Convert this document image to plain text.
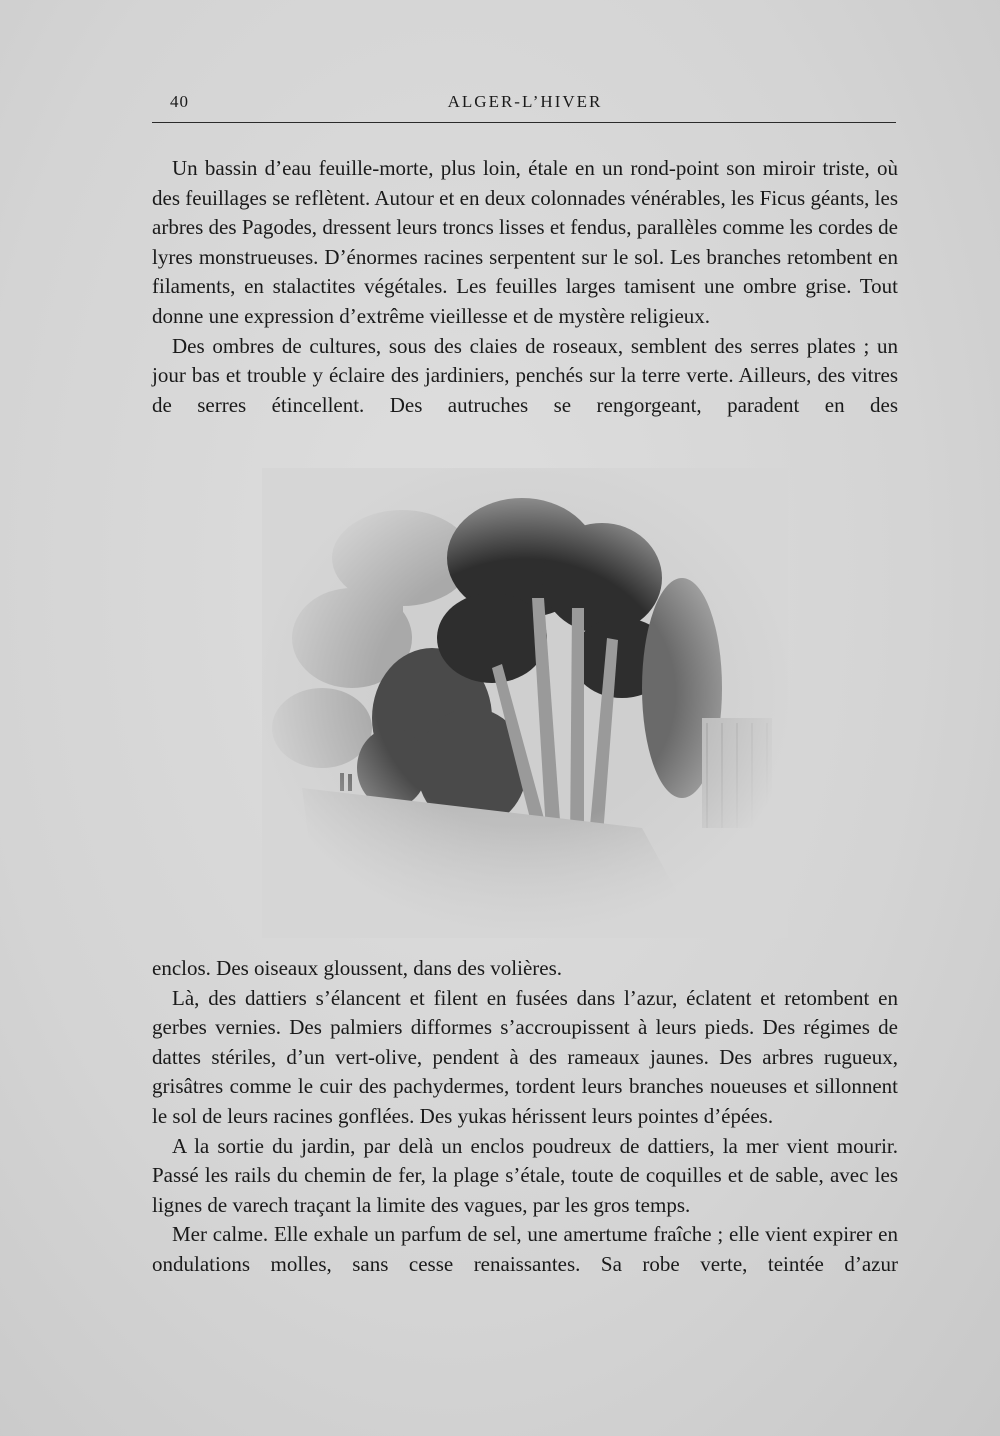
40	ALGER-L’HIVER

Un bassin d’eau feuille-morte, plus loin, étale en un rond-point son miroir triste, où des feuillages se reflètent. Autour et en deux colonnades vénérables, les Ficus géants, les arbres des Pagodes, dressent leurs troncs lisses et fendus, parallèles comme les cordes de lyres monstrueuses. D’énormes racines serpentent sur le sol. Les branches retombent en filaments, en stalactites végétales. Les feuilles larges tamisent une ombre grise. Tout donne une expression d’extrême vieillesse et de mystère religieux.

Des ombres de cultures, sous des claies de roseaux, semblent des serres plates ; un jour bas et trouble y éclaire des jardiniers, penchés sur la terre verte. Ailleurs, des vitres de serres étincellent. Des autruches se rengorgeant, paradent en des

enclos. Des oiseaux gloussent, dans des volières.

Là, des dattiers s’élancent et filent en fusées dans l’azur, éclatent et retombent en gerbes vernies. Des palmiers difformes s’accroupissent à leurs pieds. Des régimes de dattes stériles, d’un vert-olive, pendent à des rameaux jaunes. Des arbres rugueux, grisâtres comme le cuir des pachydermes, tordent leurs branches noueuses et sillonnent le sol de leurs racines gonflées. Des yukas hérissent leurs pointes d’épées.

A la sortie du jardin, par delà un enclos poudreux de dattiers, la mer vient mourir. Passé les rails du chemin de fer, la plage s’étale, toute de coquilles et de sable, avec les lignes de varech traçant la limite des vagues, par les gros temps.

Mer calme. Elle exhale un parfum de sel, une amertume fraîche ; elle vient expirer en ondulations molles, sans cesse renaissantes. Sa robe verte, teintée d’azur
